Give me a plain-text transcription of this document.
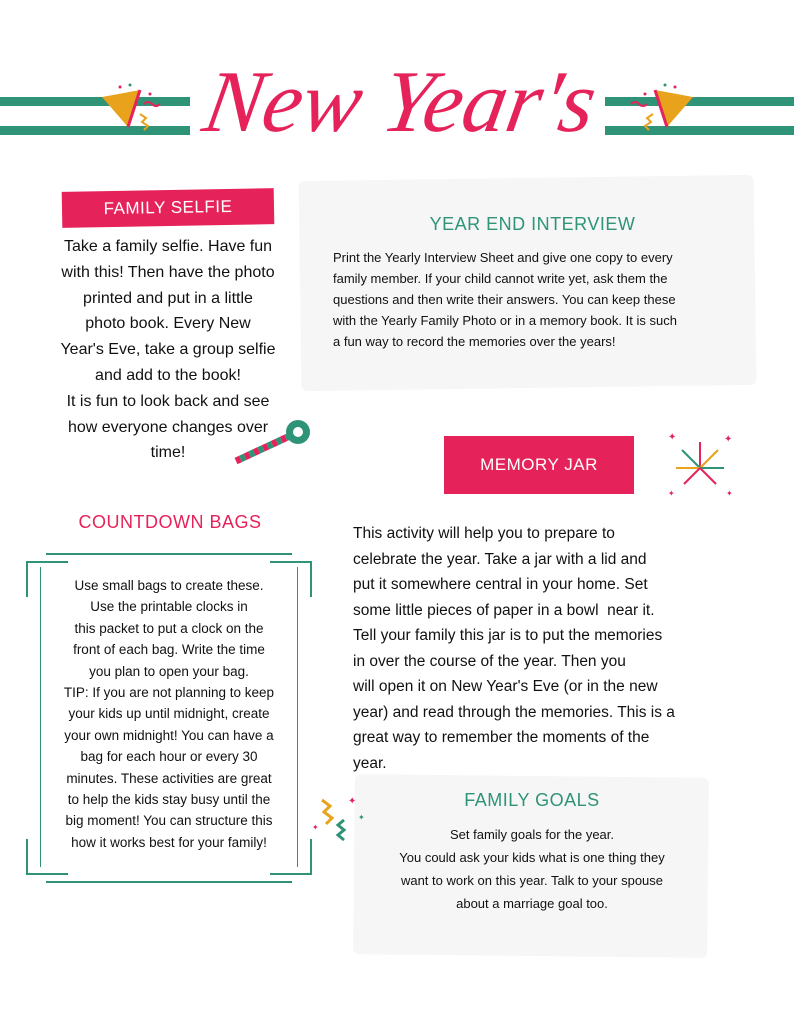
New Year's
FAMILY SELFIE
Take a family selfie. Have fun
with this! Then have the photo
printed and put in a little
photo book. Every New
Year's Eve, take a group selfie
and add to the book!
It is fun to look back and see
how everyone changes over
time!
YEAR END INTERVIEW
Print the Yearly Interview Sheet and give one copy to every
family member. If your child cannot write yet, ask them the
questions and then write their answers. You can keep these
with the Yearly Family Photo or in a memory book. It is such
a fun way to record the memories over the years!
MEMORY JAR
✦	✦
✦	✦
This activity will help you to prepare to
celebrate the year. Take a jar with a lid and
put it somewhere central in your home. Set
some little pieces of paper in a bowl  near it.
Tell your family this jar is to put the memories
in over the course of the year. Then you
will open it on New Year's Eve (or in the new
year) and read through the memories. This is a
great way to remember the moments of the
year.
COUNTDOWN BAGS
Use small bags to create these.
Use the printable clocks in
this packet to put a clock on the
front of each bag. Write the time
you plan to open your bag.
TIP: If you are not planning to keep
your kids up until midnight, create
your own midnight! You can have a
bag for each hour or every 30
minutes. These activities are great
to help the kids stay busy until the
big moment! You can structure this
how it works best for your family!
✦
✦
✦
FAMILY GOALS
Set family goals for the year.
You could ask your kids what is one thing they
want to work on this year. Talk to your spouse
about a marriage goal too.
